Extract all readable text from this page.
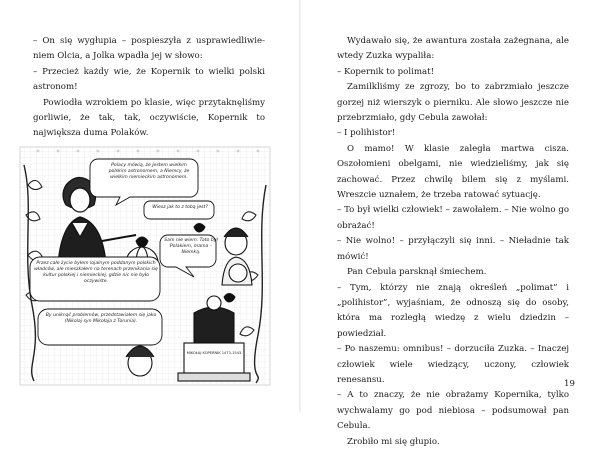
– On się wygłupia – pospieszyła z usprawiedliwieniem Olcia, a Jolka wpadła jej w słowo:

– Przecież każdy wie, że Kopernik to wielki polski astronom!

Powiodła wzrokiem po klasie, więc przytaknęliśmy gorliwie, że tak, tak, oczywiście, Kopernik to największa duma Polaków.

Polacy mówią, że jestem wielkim polskim astronomem, a Niemcy, że wielkim niemieckim astronomem.
Wiesz jak to z tobą jest?
Sam nie wiem. Tato był Polakiem, mama – Niemką.
Przez całe życie byłem lojalnym poddanym polskich władców, ale mieszkałem na terenach przenikania się kultur polskiej i niemieckiej, gdzie nic nie było oczywiste.
By uniknąć problemów, przedstawiałem się jako (Nikolaj syn Mikołaja z Torunia).
MIKOŁAJ KOPERNIK 1473-1543

Wydawało się, że awantura została zażegnana, ale wtedy Zuzka wypaliła:

– Kopernik to polimat!

Zamilkliśmy ze zgrozy, bo to zabrzmiało jeszcze gorzej niż wierszyk o pierniku. Ale słowo jeszcze nie przebrzmiało, gdy Cebula zawołał:

– I polihistor!

O mamo! W klasie zaległa martwa cisza. Oszołomieni obelgami, nie wiedzieliśmy, jak się zachować. Przez chwilę bilem się z myślami. Wreszcie uznałem, że trzeba ratować sytuację.

– To był wielki człowiek! – zawołałem. – Nie wolno go obrażać!

– Nie wolno! – przyłączyli się inni. – Nieładnie tak mówić!

Pan Cebula parsknął śmiechem.

– Tym, którzy nie znają określeń „polimat” i „polihistor”, wyjaśniam, że odnoszą się do osoby, która ma rozległą wiedzę z wielu dziedzin – powiedział.

– Po naszemu: omnibus! – dorzuciła Zuzka. – Inaczej człowiek wiele wiedzący, uczony, człowiek renesansu.

– A to znaczy, że nie obrażamy Kopernika, tylko wychwalamy go pod niebiosa – podsumował pan Cebula.

Zrobiło mi się głupio.

19
